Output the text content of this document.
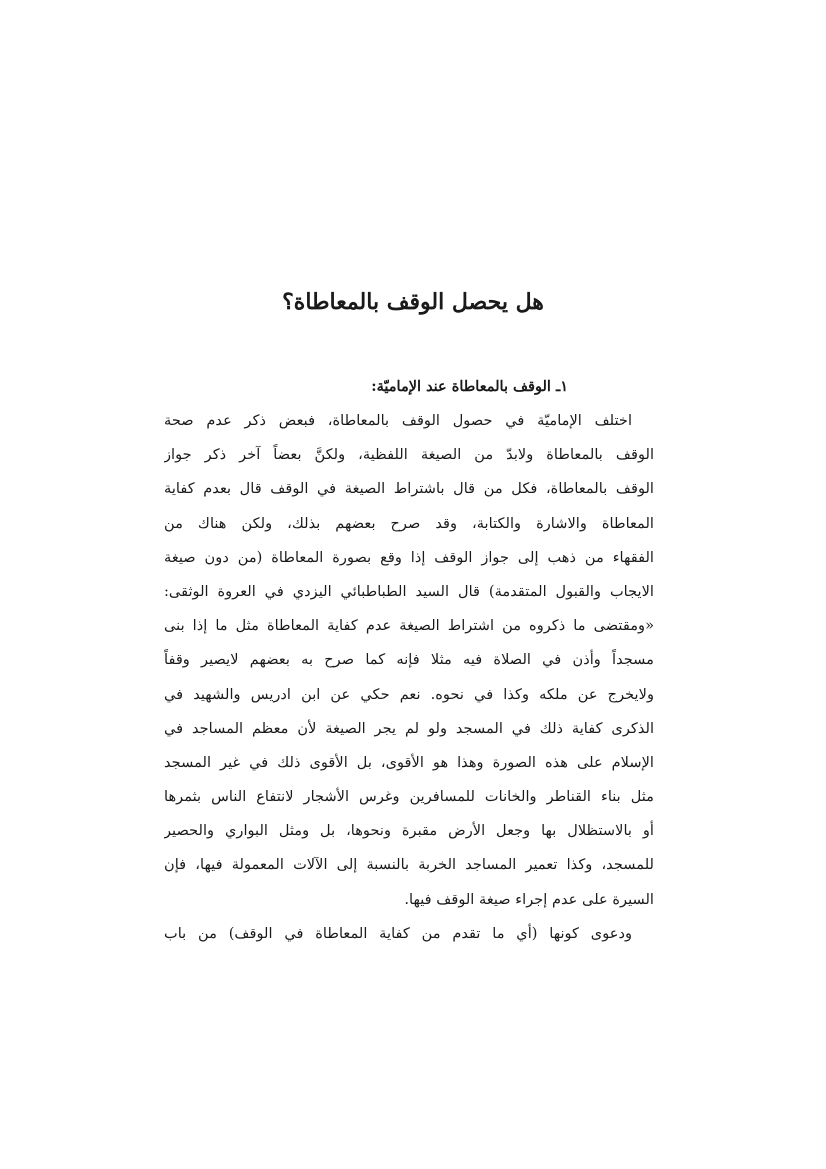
هل يحصل الوقف بالمعاطاة؟
١ـ الوقف بالمعاطاة عند الإماميّة:
اختلف الإماميّة في حصول الوقف بالمعاطاة، فبعض ذكر عدم صحة
الوقف بالمعاطاة ولابدّ من الصيغة اللفظية، ولكنَّ بعضاً آخر ذكر جواز
الوقف بالمعاطاة، فكل من قال باشتراط الصيغة في الوقف قال بعدم كفاية
المعاطاة والاشارة والكتابة، وقد صرح بعضهم بذلك، ولكن هناك من
الفقهاء من ذهب إلى جواز الوقف إذا وقع بصورة المعاطاة (من دون صيغة
الايجاب والقبول المتقدمة) قال السيد الطباطبائي اليزدي في العروة الوثقى:
«ومقتضى ما ذكروه من اشتراط الصيغة عدم كفاية المعاطاة مثل ما إذا بنى
مسجداً وأذن في الصلاة فيه مثلا فإنه كما صرح به بعضهم لايصير وقفاً
ولايخرج عن ملكه وكذا في نحوه. نعم حكي عن ابن ادريس والشهيد في
الذكرى كفاية ذلك في المسجد ولو لم يجر الصيغة لأن معظم المساجد في
الإسلام على هذه الصورة وهذا هو الأقوى، بل الأقوى ذلك في غير المسجد
مثل بناء القناطر والخانات للمسافرين وغرس الأشجار لانتفاع الناس بثمرها
أو بالاستظلال بها وجعل الأرض مقبرة ونحوها، بل ومثل البواري والحصير
للمسجد، وكذا تعمير المساجد الخربة بالنسبة إلى الآلات المعمولة فيها، فإن
السيرة على عدم إجراء صيغة الوقف فيها.
ودعوى كونها (أي ما تقدم من كفاية المعاطاة في الوقف) من باب
